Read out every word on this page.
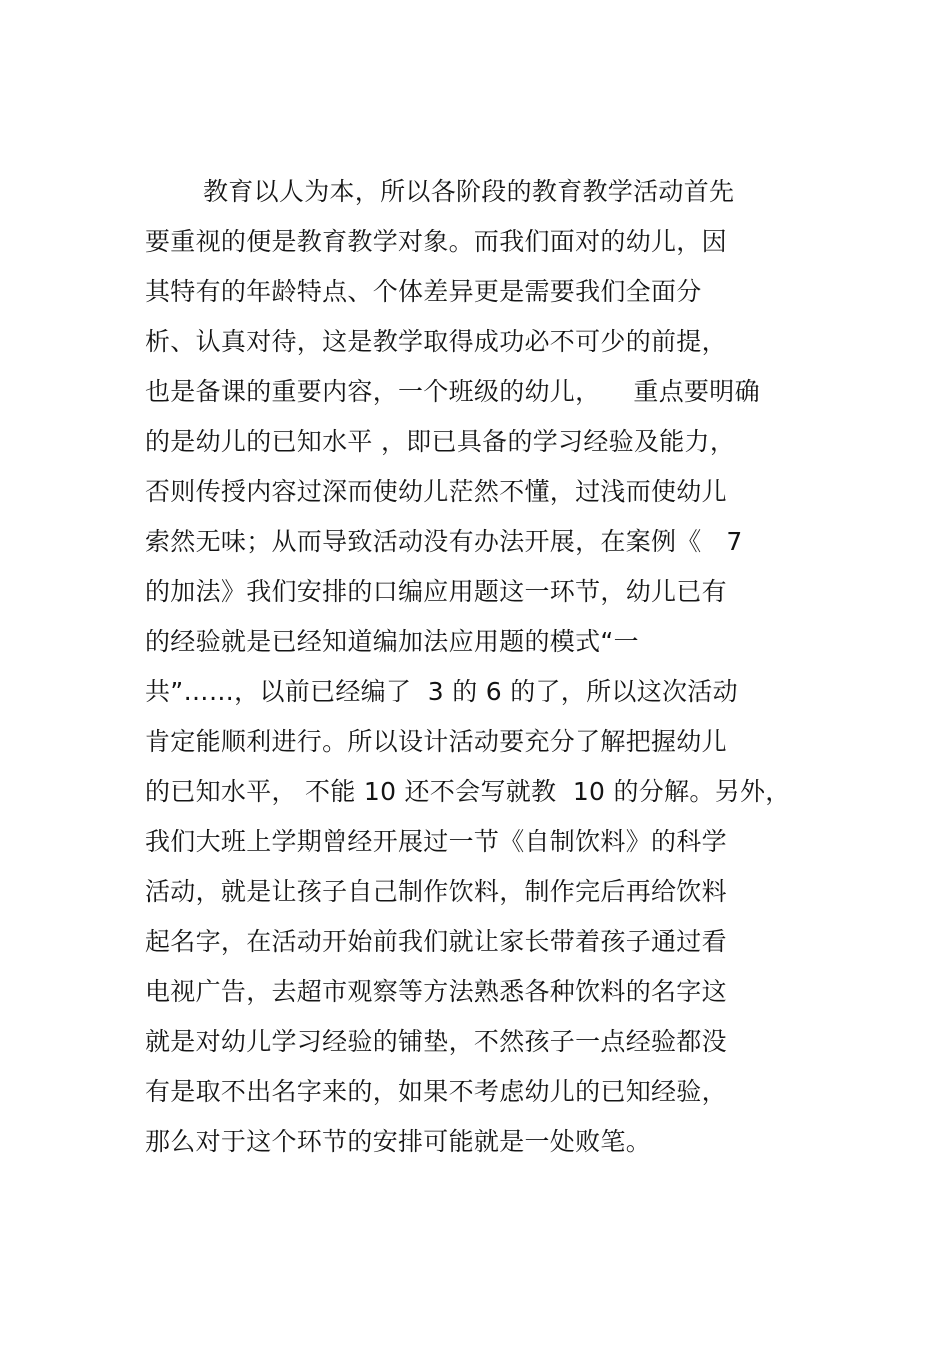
教育以人为本，所以各阶段的教育教学活动首先
要重视的便是教育教学对象。而我们面对的幼儿，因
其特有的年龄特点、个体差异更是需要我们全面分
析、认真对待，这是教学取得成功必不可少的前提，
也是备课的重要内容，一个班级的幼儿，    重点要明确
的是幼儿的已知水平 ，即已具备的学习经验及能力，
否则传授内容过深而使幼儿茫然不懂，过浅而使幼儿
索然无味；从而导致活动没有办法开展，在案例《   7
的加法》我们安排的口编应用题这一环节，幼儿已有
的经验就是已经知道编加法应用题的模式“一
共”……，以前已经编了  3 的 6 的了，所以这次活动
肯定能顺利进行。所以设计活动要充分了解把握幼儿
的已知水平， 不能 10 还不会写就教  10 的分解。另外，
我们大班上学期曾经开展过一节《自制饮料》的科学
活动，就是让孩子自己制作饮料，制作完后再给饮料
起名字，在活动开始前我们就让家长带着孩子通过看
电视广告，去超市观察等方法熟悉各种饮料的名字这
就是对幼儿学习经验的铺垫，不然孩子一点经验都没
有是取不出名字来的，如果不考虑幼儿的已知经验，
那么对于这个环节的安排可能就是一处败笔。
